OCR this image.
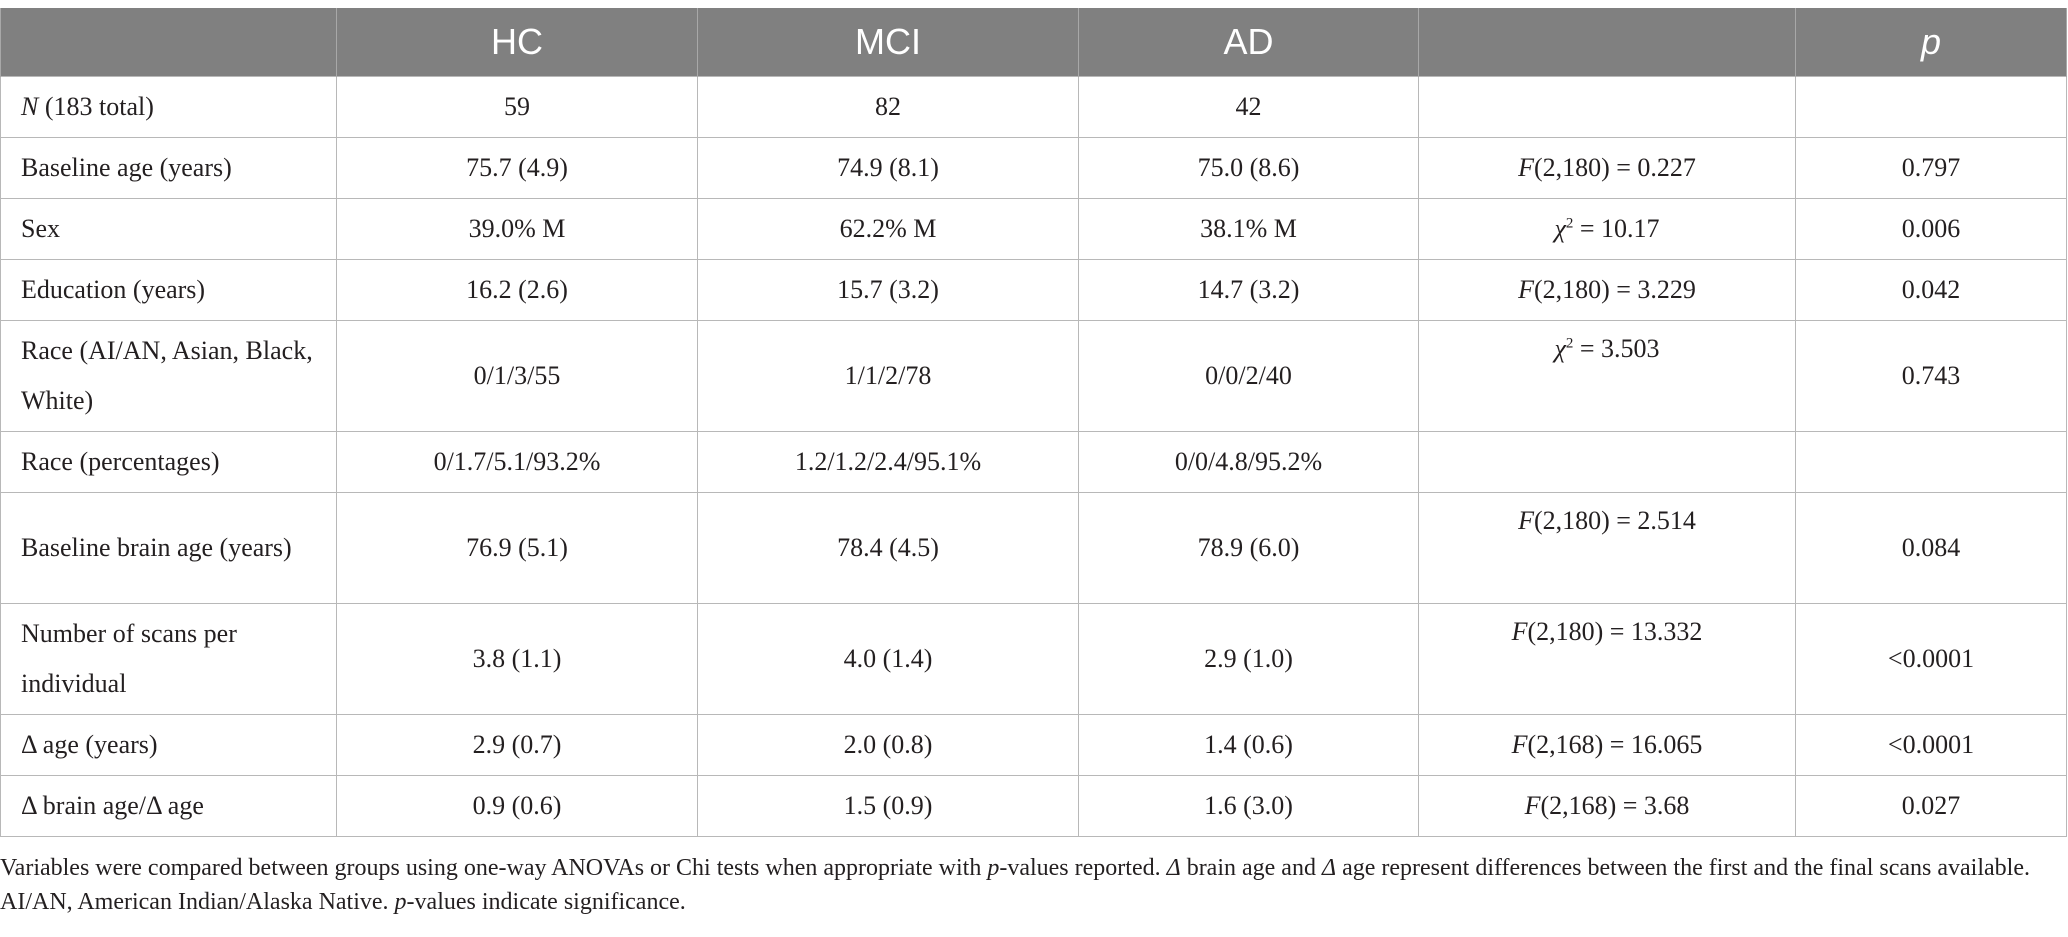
	HC	MCI	AD		p
N (183 total)	59	82	42		
Baseline age (years)	75.7 (4.9)	74.9 (8.1)	75.0 (8.6)	F(2,180) = 0.227	0.797
Sex	39.0% M	62.2% M	38.1% M	$\chi^2 = 10.17$	0.006
Education (years)	16.2 (2.6)	15.7 (3.2)	14.7 (3.2)	F(2,180) = 3.229	0.042
Race (AI/AN, Asian, Black, White)	0/1/3/55	1/1/2/78	0/0/2/40	$\chi^2 = 3.503$	0.743
Race (percentages)	0/1.7/5.1/93.2%	1.2/1.2/2.4/95.1%	0/0/4.8/95.2%		
Baseline brain age (years)	76.9 (5.1)	78.4 (4.5)	78.9 (6.0)	F(2,180) = 2.514	0.084
Number of scans per individual	3.8 (1.1)	4.0 (1.4)	2.9 (1.0)	F(2,180) = 13.332	<0.0001
Δ age (years)	2.9 (0.7)	2.0 (0.8)	1.4 (0.6)	F(2,168) = 16.065	<0.0001
Δ brain age/Δ age	0.9 (0.6)	1.5 (0.9)	1.6 (3.0)	F(2,168) = 3.68	0.027
Variables were compared between groups using one-way ANOVAs or Chi tests when appropriate with p-values reported. Δ brain age and Δ age represent differences between the first and the final scans available. AI/AN, American Indian/Alaska Native. p-values indicate significance.
